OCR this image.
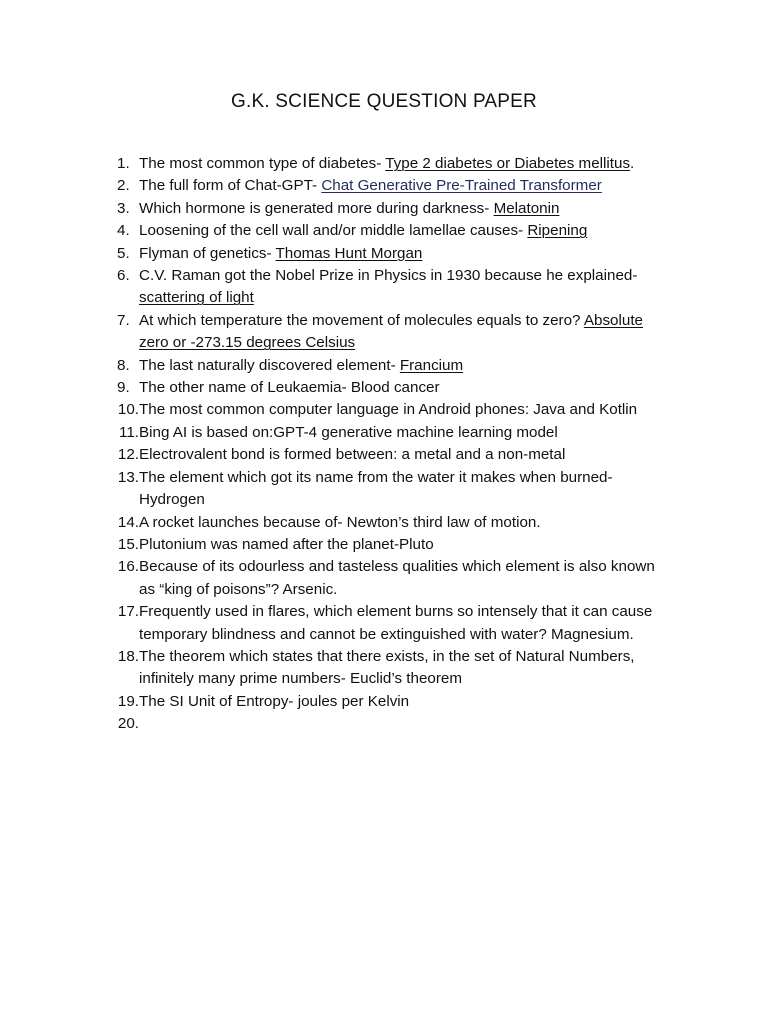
G.K. SCIENCE QUESTION PAPER
1. The most common type of diabetes- Type 2 diabetes or Diabetes mellitus.
2. The full form of Chat-GPT- Chat Generative Pre-Trained Transformer
3. Which hormone is generated more during darkness- Melatonin
4. Loosening of the cell wall and/or middle lamellae causes- Ripening
5. Flyman of genetics- Thomas Hunt Morgan
6. C.V. Raman got the Nobel Prize in Physics in 1930 because he explained- scattering of light
7. At which temperature the movement of molecules equals to zero? Absolute zero or -273.15 degrees Celsius
8. The last naturally discovered element- Francium
9. The other name of Leukaemia- Blood cancer
10. The most common computer language in Android phones: Java and Kotlin
11. Bing AI is based on:GPT-4 generative machine learning model
12. Electrovalent bond is formed between: a metal and a non-metal
13. The element which got its name from the water it makes when burned- Hydrogen
14. A rocket launches because of- Newton’s third law of motion.
15. Plutonium was named after the planet-Pluto
16. Because of its odourless and tasteless qualities which element is also known as “king of poisons”? Arsenic.
17. Frequently used in flares, which element burns so intensely that it can cause temporary blindness and cannot be extinguished with water? Magnesium.
18. The theorem which states that there exists, in the set of Natural Numbers, infinitely many prime numbers- Euclid’s theorem
19. The SI Unit of Entropy- joules per Kelvin
20.
